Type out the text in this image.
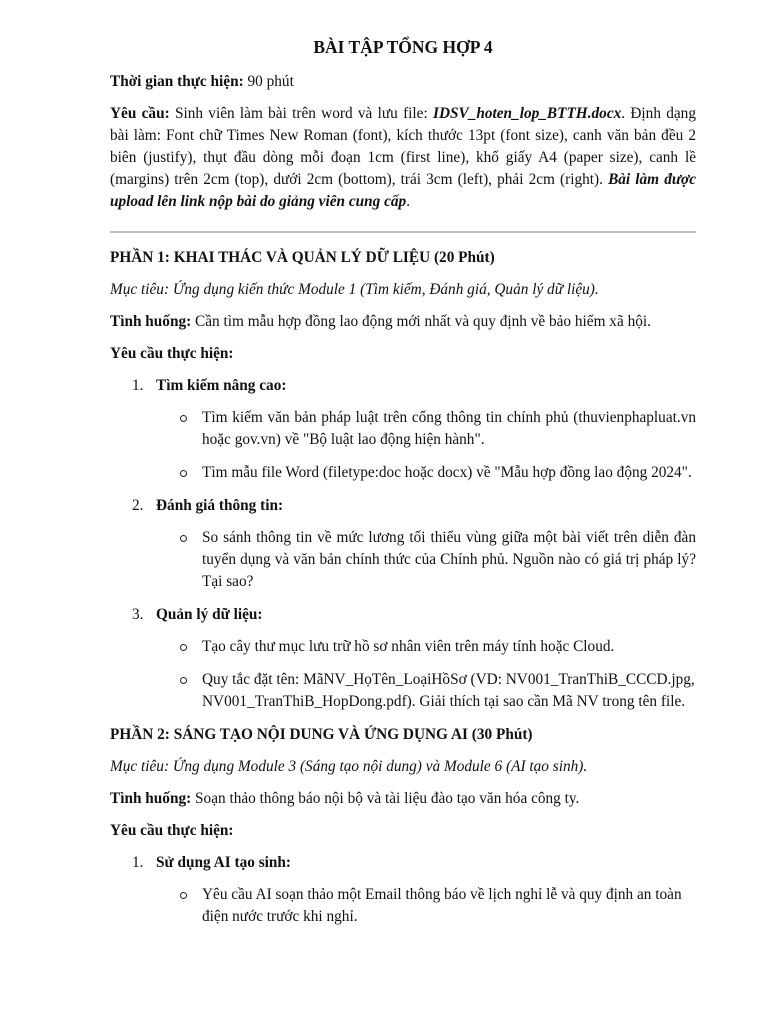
BÀI TẬP TỔNG HỢP 4

Thời gian thực hiện: 90 phút

Yêu cầu: Sinh viên làm bài trên word và lưu file: IDSV_hoten_lop_BTTH.docx. Định dạng bài làm: Font chữ Times New Roman (font), kích thước 13pt (font size), canh văn bản đều 2 biên (justify), thụt đầu dòng mỗi đoạn 1cm (first line), khổ giấy A4 (paper size), canh lề (margins) trên 2cm (top), dưới 2cm (bottom), trái 3cm (left), phải 2cm (right). Bài làm được upload lên link nộp bài do giảng viên cung cấp.

PHẦN 1: KHAI THÁC VÀ QUẢN LÝ DỮ LIỆU (20 Phút)

Mục tiêu: Ứng dụng kiến thức Module 1 (Tìm kiếm, Đánh giá, Quản lý dữ liệu).

Tình huống: Cần tìm mẫu hợp đồng lao động mới nhất và quy định về bảo hiểm xã hội.

Yêu cầu thực hiện:

1. Tìm kiếm nâng cao:
Tìm kiếm văn bản pháp luật trên cổng thông tin chính phủ (thuvienphapluat.vn hoặc gov.vn) về "Bộ luật lao động hiện hành".
Tìm mẫu file Word (filetype:doc hoặc docx) về "Mẫu hợp đồng lao động 2024".
2. Đánh giá thông tin:
So sánh thông tin về mức lương tối thiểu vùng giữa một bài viết trên diễn đàn tuyển dụng và văn bản chính thức của Chính phủ. Nguồn nào có giá trị pháp lý? Tại sao?
3. Quản lý dữ liệu:
Tạo cây thư mục lưu trữ hồ sơ nhân viên trên máy tính hoặc Cloud.
Quy tắc đặt tên: MãNV_HọTên_LoạiHồSơ (VD: NV001_TranThiB_CCCD.jpg, NV001_TranThiB_HopDong.pdf). Giải thích tại sao cần Mã NV trong tên file.

PHẦN 2: SÁNG TẠO NỘI DUNG VÀ ỨNG DỤNG AI (30 Phút)

Mục tiêu: Ứng dụng Module 3 (Sáng tạo nội dung) và Module 6 (AI tạo sinh).

Tình huống: Soạn thảo thông báo nội bộ và tài liệu đào tạo văn hóa công ty.

Yêu cầu thực hiện:

1. Sử dụng AI tạo sinh:
Yêu cầu AI soạn thảo một Email thông báo về lịch nghỉ lễ và quy định an toàn điện nước trước khi nghỉ.
